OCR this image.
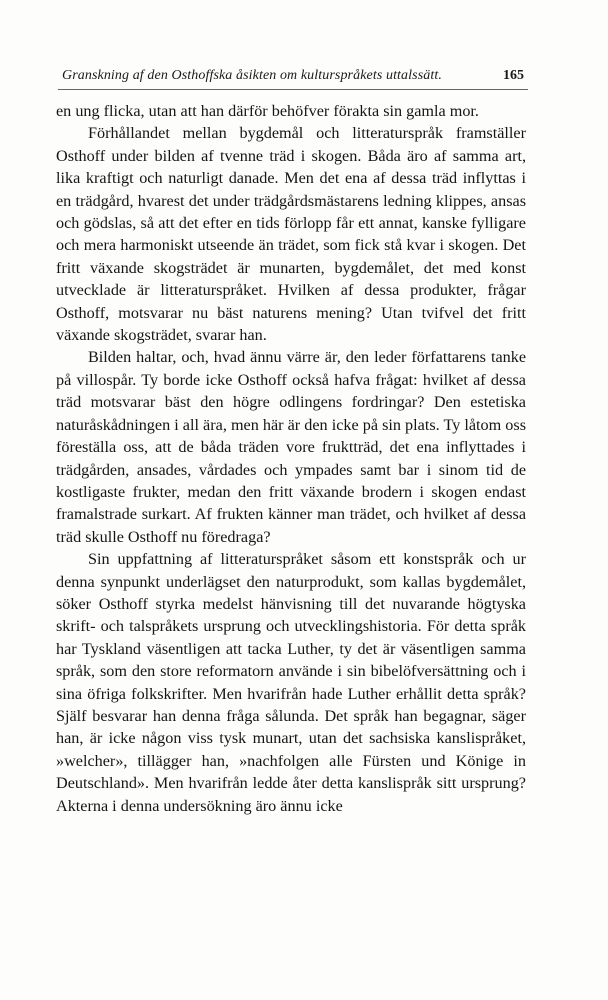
Granskning af den Osthoffska åsikten om kulturspråkets uttalssätt.	165

en ung flicka, utan att han därför behöfver förakta sin gamla mor.

Förhållandet mellan bygdemål och litteraturspråk framställer Osthoff under bilden af tvenne träd i skogen. Båda äro af samma art, lika kraftigt och naturligt danade. Men det ena af dessa träd inflyttas i en trädgård, hvarest det under trädgårdsmästarens ledning klippes, ansas och gödslas, så att det efter en tids förlopp får ett annat, kanske fylligare och mera harmoniskt utseende än trädet, som fick stå kvar i skogen. Det fritt växande skogsträdet är munarten, bygdemålet, det med konst utvecklade är litteraturspråket. Hvilken af dessa produkter, frågar Osthoff, motsvarar nu bäst naturens mening? Utan tvifvel det fritt växande skogsträdet, svarar han.

Bilden haltar, och, hvad ännu värre är, den leder författarens tanke på villospår. Ty borde icke Osthoff också hafva frågat: hvilket af dessa träd motsvarar bäst den högre odlingens fordringar? Den estetiska naturåskådningen i all ära, men här är den icke på sin plats. Ty låtom oss föreställa oss, att de båda träden vore fruktträd, det ena inflyttades i trädgården, ansades, vårdades och ympades samt bar i sinom tid de kostligaste frukter, medan den fritt växande brodern i skogen endast framalstrade surkart. Af frukten känner man trädet, och hvilket af dessa träd skulle Osthoff nu föredraga?

Sin uppfattning af litteraturspråket såsom ett konstspråk och ur denna synpunkt underlägset den naturprodukt, som kallas bygdemålet, söker Osthoff styrka medelst hänvisning till det nuvarande högtyska skrift- och talspråkets ursprung och utvecklingshistoria. För detta språk har Tyskland väsentligen att tacka Luther, ty det är väsentligen samma språk, som den store reformatorn använde i sin bibelöfversättning och i sina öfriga folkskrifter. Men hvarifrån hade Luther erhållit detta språk? Själf besvarar han denna fråga sålunda. Det språk han begagnar, säger han, är icke någon viss tysk munart, utan det sachsiska kanslispråket, »welcher», tillägger han, »nachfolgen alle Fürsten und Könige in Deutschland». Men hvarifrån ledde åter detta kanslispråk sitt ursprung? Akterna i denna undersökning äro ännu icke
